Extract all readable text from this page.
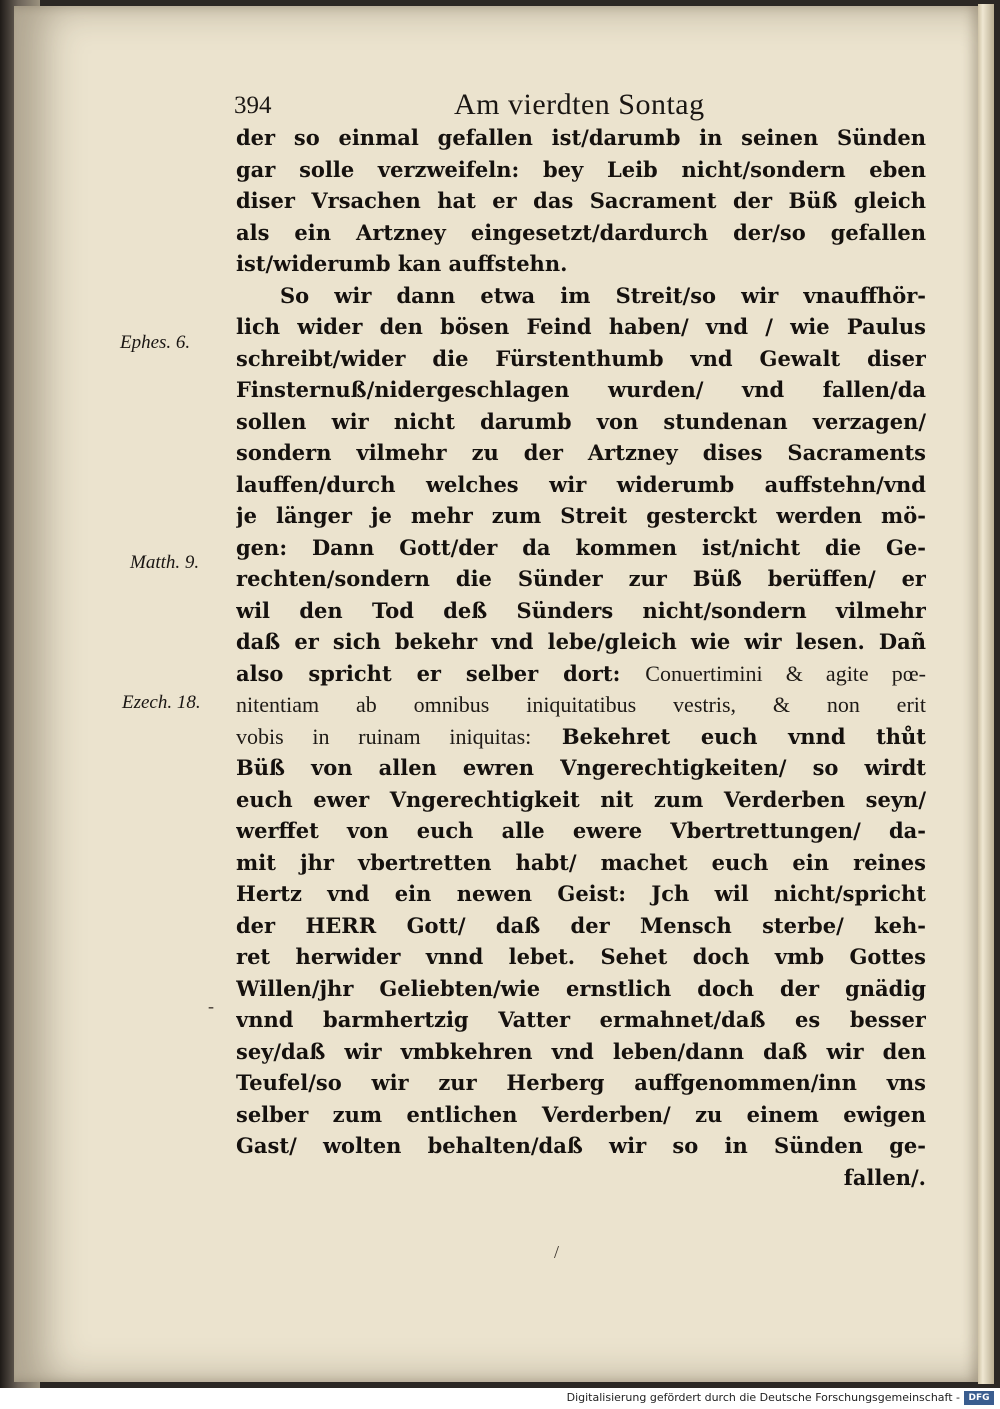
394	Am vierdten Sontag
Ephes. 6.
Matth. 9.
Ezech. 18.
-
/
der so einmal gefallen ist/darumb in seinen Sünden
gar solle verzweifeln: bey Leib nicht/sondern eben
diser Vrsachen hat er das Sacrament der Büß gleich
als ein Artzney eingesetzt/dardurch der/so gefallen
ist/widerumb kan auffstehn.
So wir dann etwa im Streit/so wir vnauffhör-
lich wider den bösen Feind haben/ vnd / wie Paulus
schreibt/wider die Fürstenthumb vnd Gewalt diser
Finsternuß/nidergeschlagen wurden/ vnd fallen/da
sollen wir nicht darumb von stundenan verzagen/
sondern vilmehr zu der Artzney dises Sacraments
lauffen/durch welches wir widerumb auffstehn/vnd
je länger je mehr zum Streit gesterckt werden mö-
gen: Dann Gott/der da kommen ist/nicht die Ge-
rechten/sondern die Sünder zur Büß berüffen/ er
wil den Tod deß Sünders nicht/sondern vilmehr
daß er sich bekehr vnd lebe/gleich wie wir lesen. Dañ
also spricht er selber dort: Conuertimini & agite pœ-
nitentiam ab omnibus iniquitatibus vestris, & non erit
vobis in ruinam iniquitas: Bekehret euch vnnd thůt
Büß von allen ewren Vngerechtigkeiten/ so wirdt
euch ewer Vngerechtigkeit nit zum Verderben seyn/
werffet von euch alle ewere Vbertrettungen/ da-
mit jhr vbertretten habt/ machet euch ein reines
Hertz vnd ein newen Geist: Jch wil nicht/spricht
der HERR Gott/ daß der Mensch sterbe/ keh-
ret herwider vnnd lebet. Sehet doch vmb Gottes
Willen/jhr Geliebten/wie ernstlich doch der gnädig
vnnd barmhertzig Vatter ermahnet/daß es besser
sey/daß wir vmbkehren vnd leben/dann daß wir den
Teufel/so wir zur Herberg auffgenommen/inn vns
selber zum entlichen Verderben/ zu einem ewigen
Gast/ wolten behalten/daß wir so in Sünden ge-
fallen/.
Digitalisierung gefördert durch die Deutsche Forschungsgemeinschaft - DFG
